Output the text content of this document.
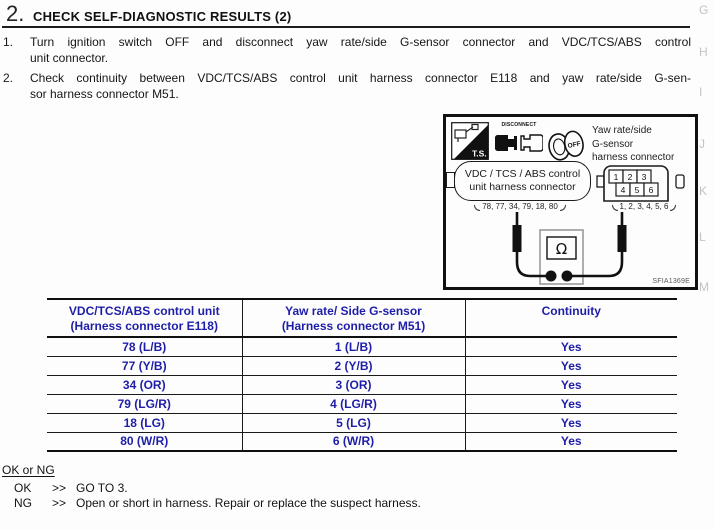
2. CHECK SELF-DIAGNOSTIC RESULTS (2)
1.	Turn ignition switch OFF and disconnect yaw rate/side G-sensor connector and VDC/TCS/ABS control
unit connector.
2.	Check continuity between VDC/TCS/ABS control unit harness connector E118 and yaw rate/side G-sen-
sor harness connector M51.
T.S.
DISCONNECT
OFF
Yaw rate/side
G-sensor
harness connector
VDC / TCS / ABS control
unit harness connector
1 2 3
4 5 6
78, 77, 34, 79, 18, 80	1, 2, 3, 4, 5, 6
Ω
SFIA1369E
VDC/TCS/ABS control unit
(Harness connector E118)

Yaw rate/ Side G-sensor
(Harness connector M51)

Continuity

78 (L/B)	1 (L/B)	Yes
77 (Y/B)	2 (Y/B)	Yes
34 (OR)	3 (OR)	Yes
79 (LG/R)	4 (LG/R)	Yes
18 (LG)	5 (LG)	Yes
80 (W/R)	6 (W/R)	Yes
OK or NG
OK	>> GO TO 3.
NG	>> Open or short in harness. Repair or replace the suspect harness.
G
H
I
J
K
L
M
